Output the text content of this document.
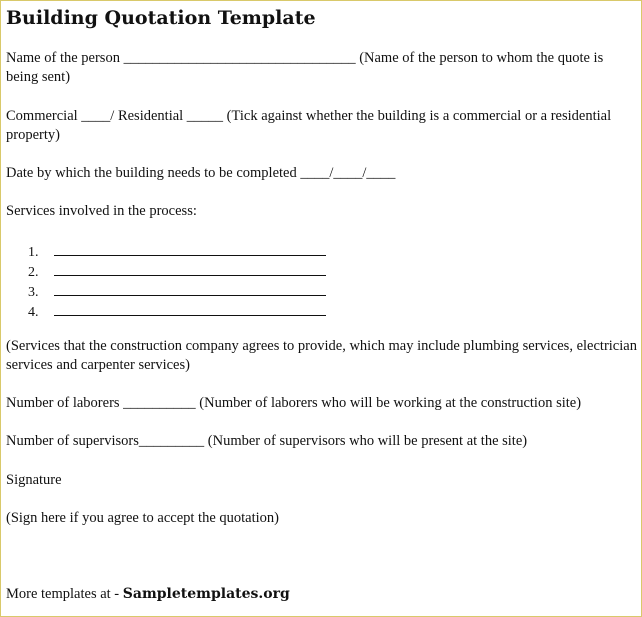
Building Quotation Template

Name of the person ________________________________ (Name of the person to whom the quote is being sent)

Commercial ____/ Residential _____ (Tick against whether the building is a commercial or a residential property)

Date by which the building needs to be completed ____/____/____

Services involved in the process:

1.
2.
3.
4.

(Services that the construction company agrees to provide, which may include plumbing services, electrician services and carpenter services)

Number of laborers __________ (Number of laborers who will be working at the construction site)

Number of supervisors_________ (Number of supervisors who will be present at the site)

Signature

(Sign here if you agree to accept the quotation)

More templates at - Sampletemplates.org
